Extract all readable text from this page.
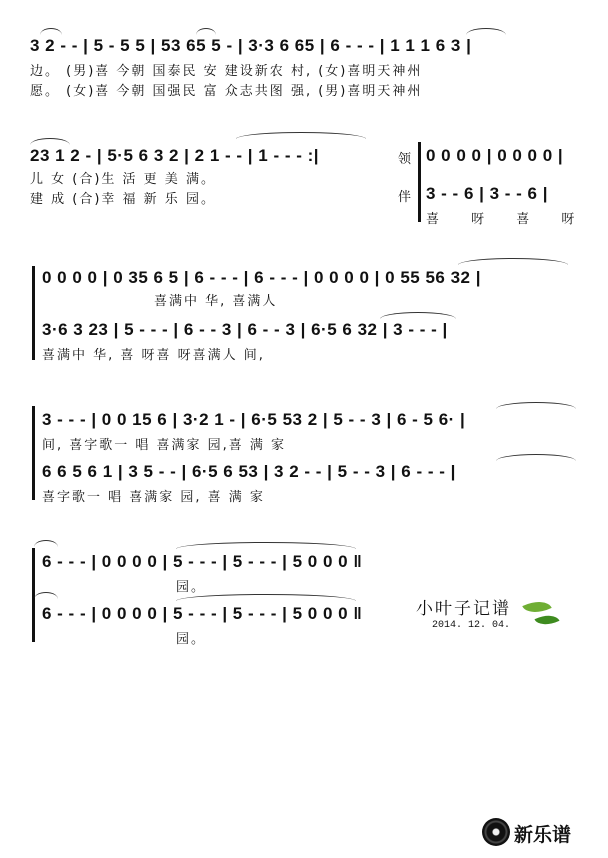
3 2 - - | 5 - 5 5 | 53 65 5 - | 3·3 6 65 | 6 - - - | 1 1 1 6 3 |
边。 (男)喜 今朝 国泰民 安 建设新农 村, (女)喜明天神州
愿。 (女)喜 今朝 国强民 富 众志共图 强, (男)喜明天神州
23 1 2 - | 5·5 6 3 2 | 2 1 - - | 1 - - - :|
儿 女 (合)生 活 更 美 满。
建 成 (合)幸 福 新 乐 园。
领
伴
0 0 0 0 | 0 0 0 0 |
3 - - 6 | 3 - - 6 |
喜 呀 喜 呀
0 0 0 0 | 0 35 6 5 | 6 - - - | 6 - - - | 0 0 0 0 | 0 55 56 32 |
喜满中 华, 喜满人
3·6 3 23 | 5 - - - | 6 - - 3 | 6 - - 3 | 6·5 6 32 | 3 - - - |
喜满中 华, 喜 呀喜 呀喜满人 间,
3 - - - | 0 0 15 6 | 3·2 1 - | 6·5 53 2 | 5 - - 3 | 6 - 5 6· |
间, 喜字歌一 唱 喜满家 园,喜 满 家
6 6 5 6 1 | 3 5 - - | 6·5 6 53 | 3 2 - - | 5 - - 3 | 6 - - - |
喜字歌一 唱 喜满家 园, 喜 满 家
6 - - - | 0 0 0 0 | 5 - - - | 5 - - - | 5 0 0 0 ‖
园。
6 - - - | 0 0 0 0 | 5 - - - | 5 - - - | 5 0 0 0 ‖
园。
小叶子记谱
2014. 12. 04.
新乐谱
